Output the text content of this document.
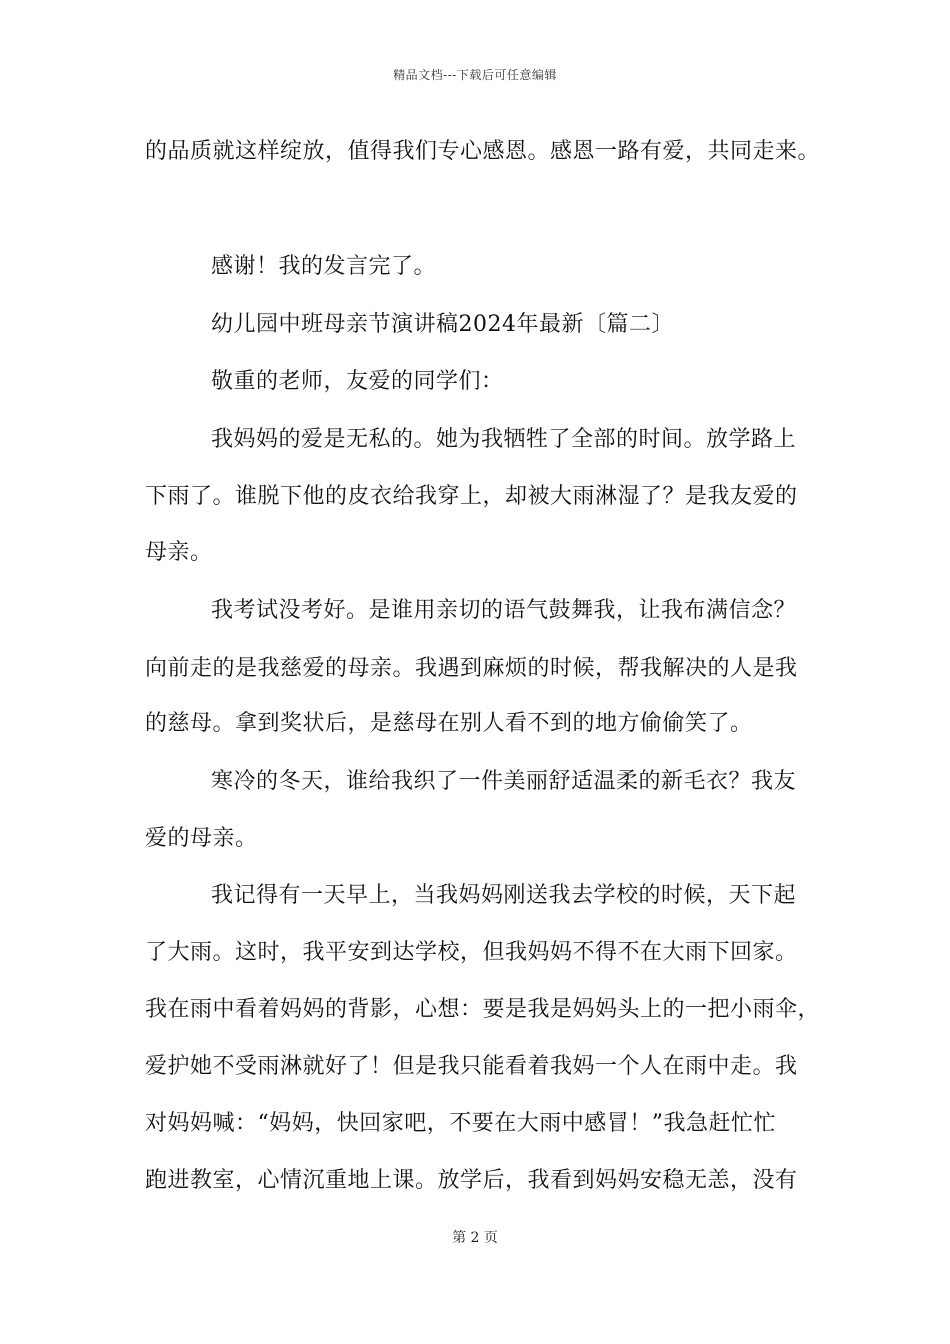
精品文档---下载后可任意编辑
的品质就这样绽放，值得我们专心感恩。感恩一路有爱，共同走来。
感谢！我的发言完了。
幼儿园中班母亲节演讲稿2024年最新〔篇二〕
敬重的老师，友爱的同学们：
我妈妈的爱是无私的。她为我牺牲了全部的时间。放学路上
下雨了。谁脱下他的皮衣给我穿上，却被大雨淋湿了？是我友爱的
母亲。
我考试没考好。是谁用亲切的语气鼓舞我，让我布满信念？
向前走的是我慈爱的母亲。我遇到麻烦的时候，帮我解决的人是我
的慈母。拿到奖状后，是慈母在别人看不到的地方偷偷笑了。
寒冷的冬天，谁给我织了一件美丽舒适温柔的新毛衣？我友
爱的母亲。
我记得有一天早上，当我妈妈刚送我去学校的时候，天下起
了大雨。这时，我平安到达学校，但我妈妈不得不在大雨下回家。
我在雨中看着妈妈的背影，心想：要是我是妈妈头上的一把小雨伞，
爱护她不受雨淋就好了！但是我只能看着我妈一个人在雨中走。我
对妈妈喊：“妈妈，快回家吧，不要在大雨中感冒！”我急赶忙忙
跑进教室，心情沉重地上课。放学后，我看到妈妈安稳无恙，没有
第 2 页
